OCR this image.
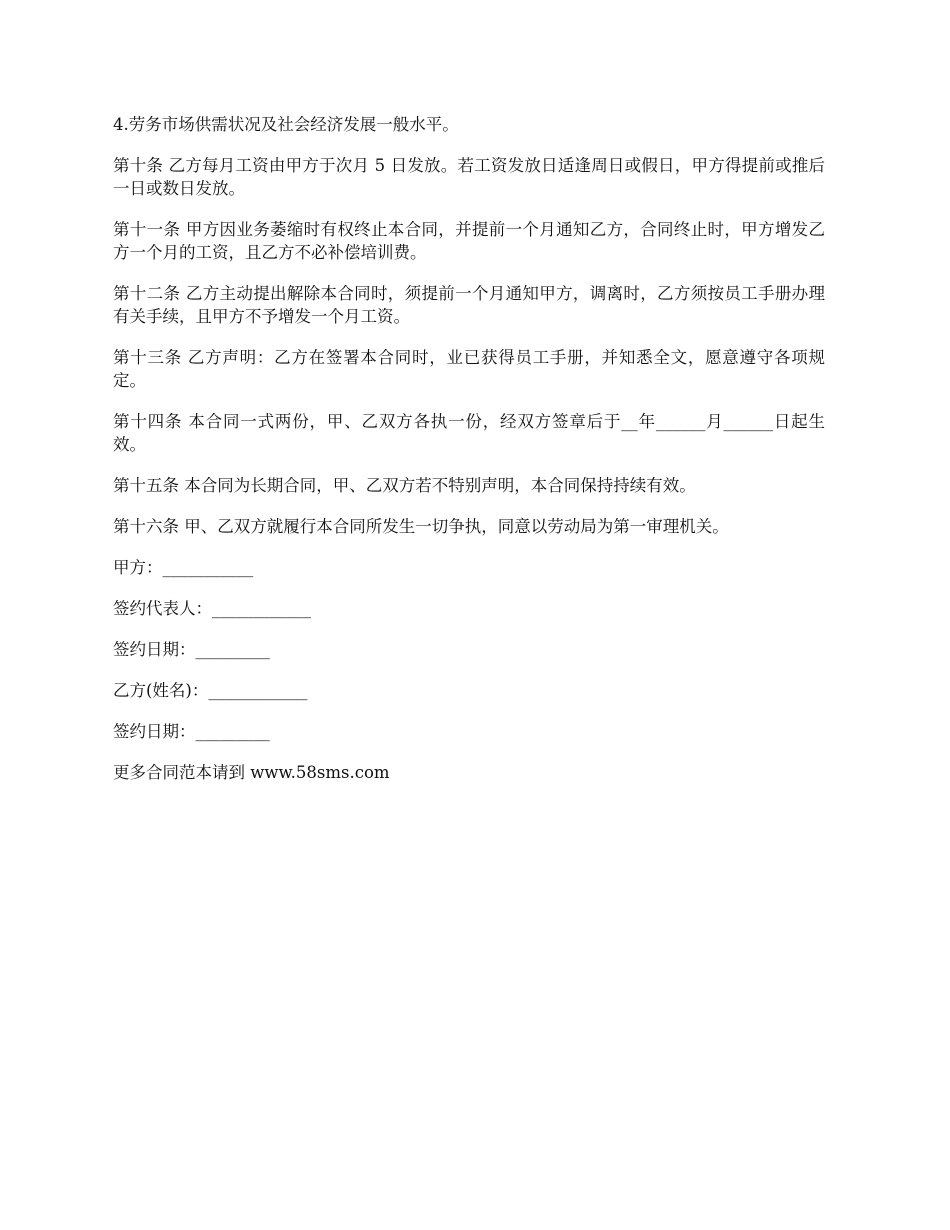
4.劳务市场供需状况及社会经济发展一般水平。

第十条 乙方每月工资由甲方于次月 5 日发放。若工资发放日适逢周日或假日，甲方得提前或推后一日或数日发放。

第十一条 甲方因业务萎缩时有权终止本合同，并提前一个月通知乙方，合同终止时，甲方增发乙方一个月的工资，且乙方不必补偿培训费。

第十二条 乙方主动提出解除本合同时，须提前一个月通知甲方，调离时，乙方须按员工手册办理有关手续，且甲方不予增发一个月工资。

第十三条 乙方声明：乙方在签署本合同时，业已获得员工手册，并知悉全文，愿意遵守各项规定。

第十四条 本合同一式两份，甲、乙双方各执一份，经双方签章后于__年______月______日起生效。

第十五条 本合同为长期合同，甲、乙双方若不特别声明，本合同保持持续有效。

第十六条 甲、乙双方就履行本合同所发生一切争执，同意以劳动局为第一审理机关。

甲方：___________

签约代表人：____________

签约日期：_________

乙方(姓名)：____________

签约日期：_________

更多合同范本请到 www.58sms.com
